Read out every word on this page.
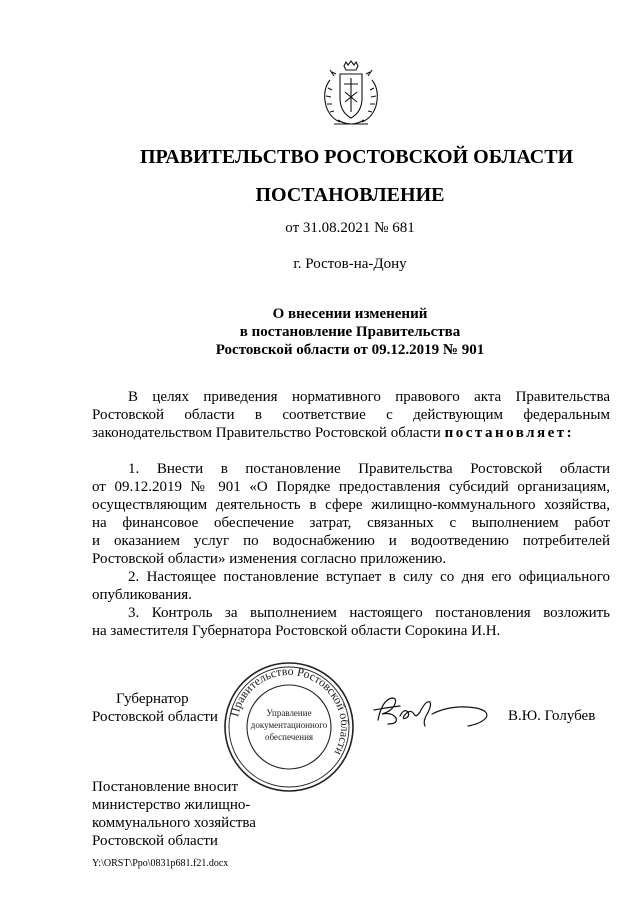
ПРАВИТЕЛЬСТВО РОСТОВСКОЙ ОБЛАСТИ
ПОСТАНОВЛЕНИЕ
от 31.08.2021 № 681
г. Ростов-на-Дону
О внесении изменений
в постановление Правительства
Ростовской области от 09.12.2019 № 901
В целях приведения нормативного правового акта Правительства
Ростовской области в соответствие с действующим федеральным
законодательством Правительство Ростовской области постановляет:
1. Внести в постановление Правительства Ростовской области
от 09.12.2019 № 901 «О Порядке предоставления субсидий организациям,
осуществляющим деятельность в сфере жилищно-коммунального хозяйства,
на финансовое обеспечение затрат, связанных с выполнением работ
и оказанием услуг по водоснабжению и водоотведению потребителей
Ростовской области» изменения согласно приложению.
2. Настоящее постановление вступает в силу со дня его официального
опубликования.
3. Контроль за выполнением настоящего постановления возложить
на заместителя Губернатора Ростовской области Сорокина И.Н.
Губернатор
Ростовской области Правительство Ростовской области
Управление
документационного
обеспечения
В.Ю. Голубев
Постановление вносит
министерство жилищно-
коммунального хозяйства
Ростовской области
Y:\ORST\Ppo\0831p681.f21.docx
